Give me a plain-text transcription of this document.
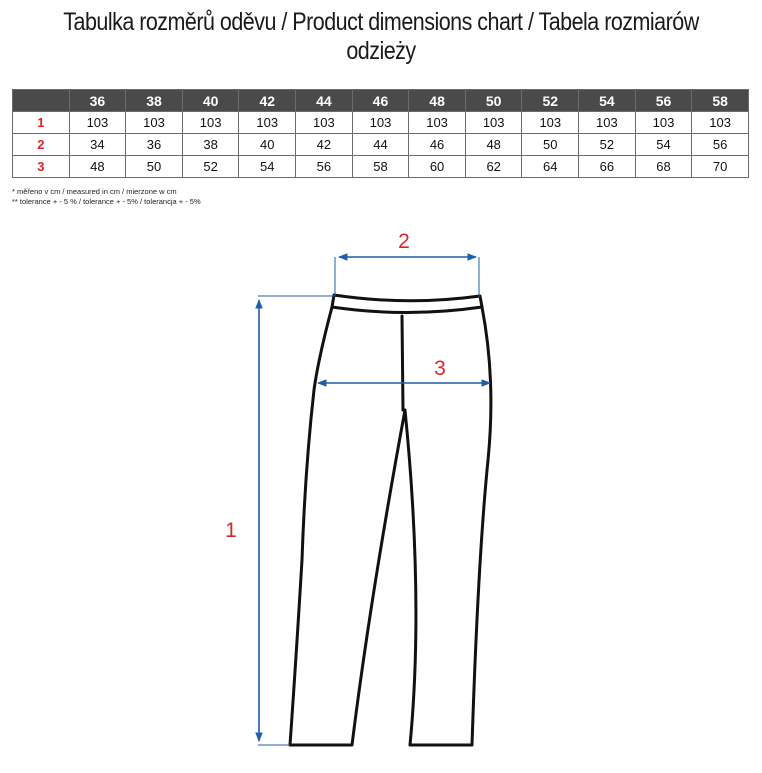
Tabulka rozměrů oděvu / Product dimensions chart / Tabela rozmiarów odzieży
	36	38	40	42	44	46	48	50	52	54	56	58
1	103	103	103	103	103	103	103	103	103	103	103	103
2	34	36	38	40	42	44	46	48	50	52	54	56
3	48	50	52	54	56	58	60	62	64	66	68	70
* měřeno v cm / measured in cm / mierzone w cm
** tolerance + - 5 % / tolerance + - 5% / tolerancja + - 5%
1
2
3
